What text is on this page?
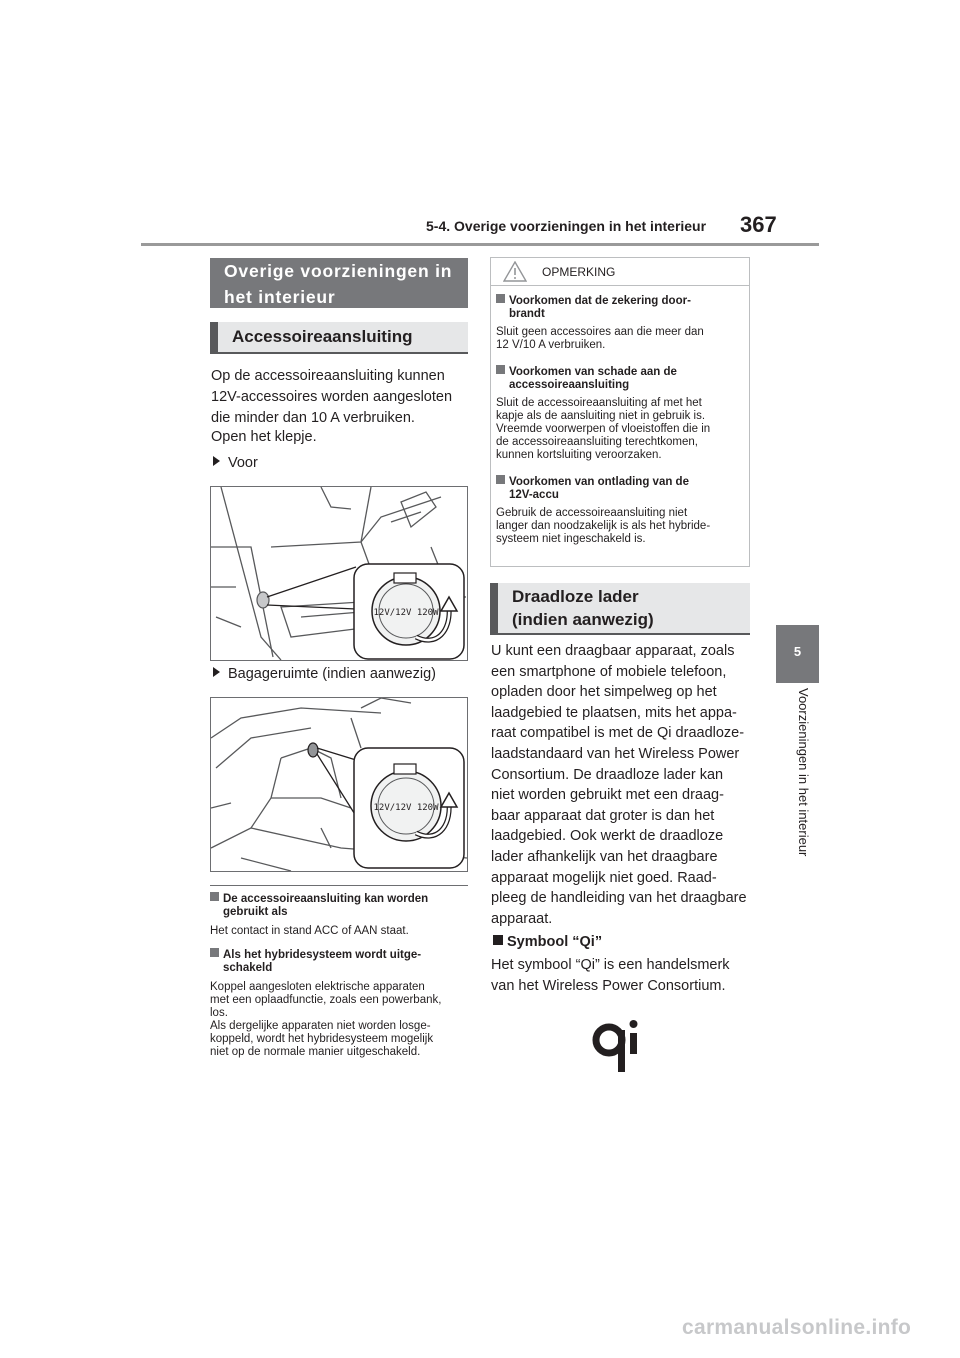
5-4. Overige voorzieningen in het interieur 367
5
Voorzieningen in het interieur
Overige voorzieningen in
het interieur
Accessoireaansluiting
Op de accessoireaansluiting kunnen
12V-accessoires worden aangesloten
die minder dan 10 A verbruiken.
Open het klepje.
Voor
12V/12V 120W
Bagageruimte (indien aanwezig)
12V/12V 120W
De accessoireaansluiting kan worden
gebruikt als
Het contact in stand ACC of AAN staat.
Als het hybridesysteem wordt uitge-
schakeld
Koppel aangesloten elektrische apparaten
met een oplaadfunctie, zoals een powerbank,
los.
Als dergelijke apparaten niet worden losge-
koppeld, wordt het hybridesysteem mogelijk
niet op de normale manier uitgeschakeld.
OPMERKING
Voorkomen dat de zekering door-
brandt
Sluit geen accessoires aan die meer dan
12 V/10 A verbruiken.
Voorkomen van schade aan de
accessoireaansluiting
Sluit de accessoireaansluiting af met het
kapje als de aansluiting niet in gebruik is.
Vreemde voorwerpen of vloeistoffen die in
de accessoireaansluiting terechtkomen,
kunnen kortsluiting veroorzaken.
Voorkomen van ontlading van de
12V-accu
Gebruik de accessoireaansluiting niet
langer dan noodzakelijk is als het hybride-
systeem niet ingeschakeld is.
Draadloze lader
(indien aanwezig)
U kunt een draagbaar apparaat, zoals
een smartphone of mobiele telefoon,
opladen door het simpelweg op het
laadgebied te plaatsen, mits het appa-
raat compatibel is met de Qi draadloze-
laadstandaard van het Wireless Power
Consortium. De draadloze lader kan
niet worden gebruikt met een draag-
baar apparaat dat groter is dan het
laadgebied. Ook werkt de draadloze
lader afhankelijk van het draagbare
apparaat mogelijk niet goed. Raad-
pleeg de handleiding van het draagbare
apparaat.
Symbool “Qi”
Het symbool “Qi” is een handelsmerk
van het Wireless Power Consortium.
qi
carmanualsonline.info
